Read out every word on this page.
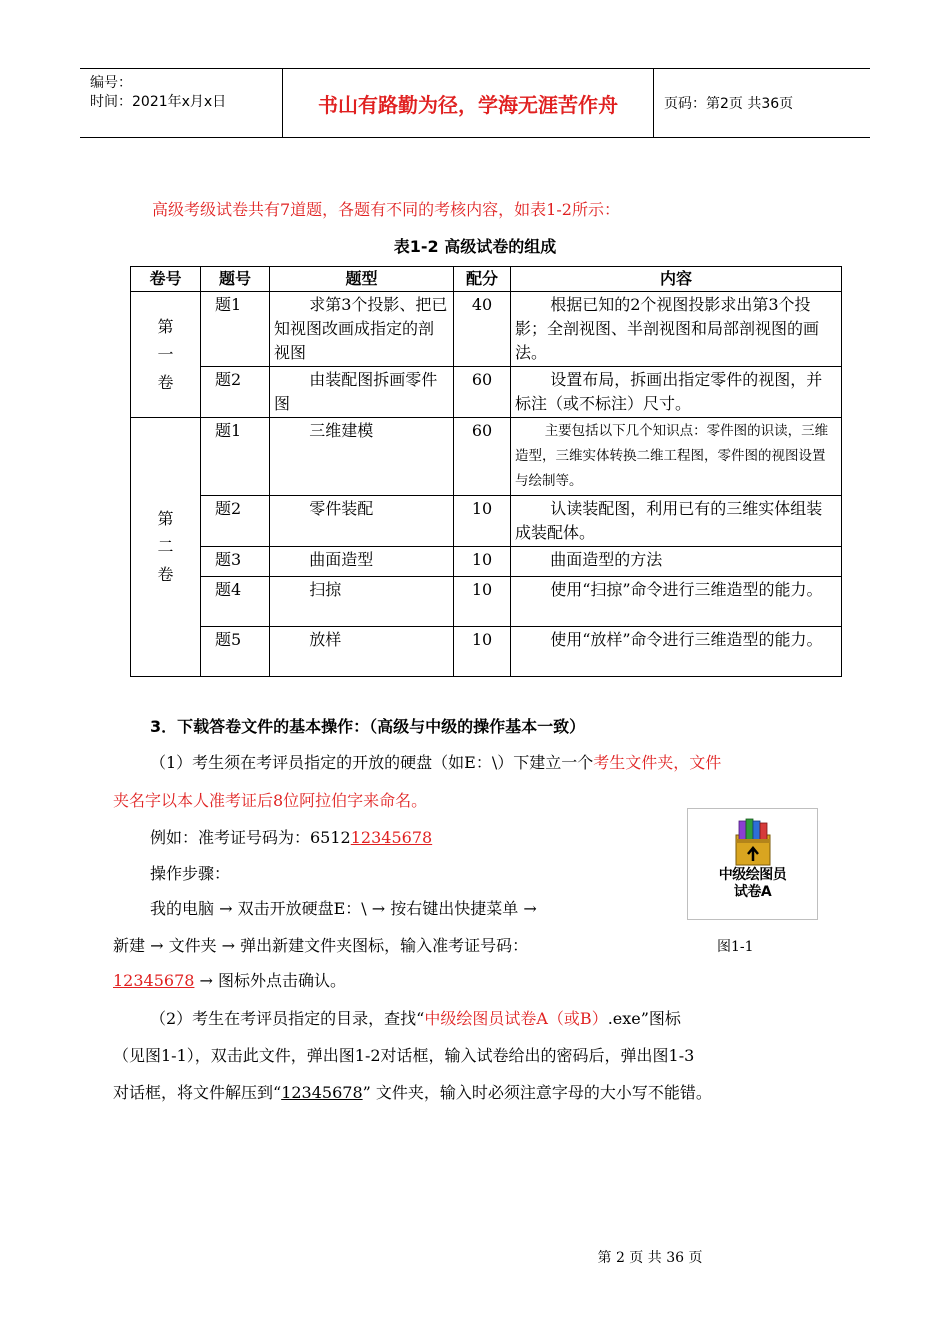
编号：
时间：2021年x月x日	书山有路勤为径，学海无涯苦作舟	页码：第2页 共36页

高级考级试卷共有7道题，各题有不同的考核内容，如表1-2所示：

表1-2 高级试卷的组成

卷号	题号	题型	配分	内容

第一卷	题1	求第3个投影、把已知视图改画成指定的剖视图	40	根据已知的2个视图投影求出第3个投影；全剖视图、半剖视图和局部剖视图的画法。
	题2	由装配图拆画零件图	60	设置布局，拆画出指定零件的视图，并标注（或不标注）尺寸。

第二卷	题1	三维建模	60	主要包括以下几个知识点：零件图的识读，三维造型，三维实体转换二维工程图，零件图的视图设置与绘制等。
	题2	零件装配	10	认读装配图，利用已有的三维实体组装成装配体。
	题3	曲面造型	10	曲面造型的方法
	题4	扫掠	10	使用“扫掠”命令进行三维造型的能力。
	题5	放样	10	使用“放样”命令进行三维造型的能力。

3．下载答卷文件的基本操作：（高级与中级的操作基本一致）

（1）考生须在考评员指定的开放的硬盘（如E：\）下建立一个考生文件夹，文件

夹名字以本人准考证后8位阿拉伯字来命名。

例如：准考证号码为：651212345678

操作步骤：

我的电脑 → 双击开放硬盘E：\ → 按右键出快捷菜单 →

新建 → 文件夹 → 弹出新建文件夹图标，输入准考证号码：

12345678 → 图标外点击确认。

（2）考生在考评员指定的目录，查找“中级绘图员试卷A（或B）.exe”图标

（见图1-1），双击此文件，弹出图1-2对话框，输入试卷给出的密码后，弹出图1-3

对话框，将文件解压到“12345678” 文件夹，输入时必须注意字母的大小写不能错。

中级绘图员
试卷A

图1-1

第 2 页 共 36 页
